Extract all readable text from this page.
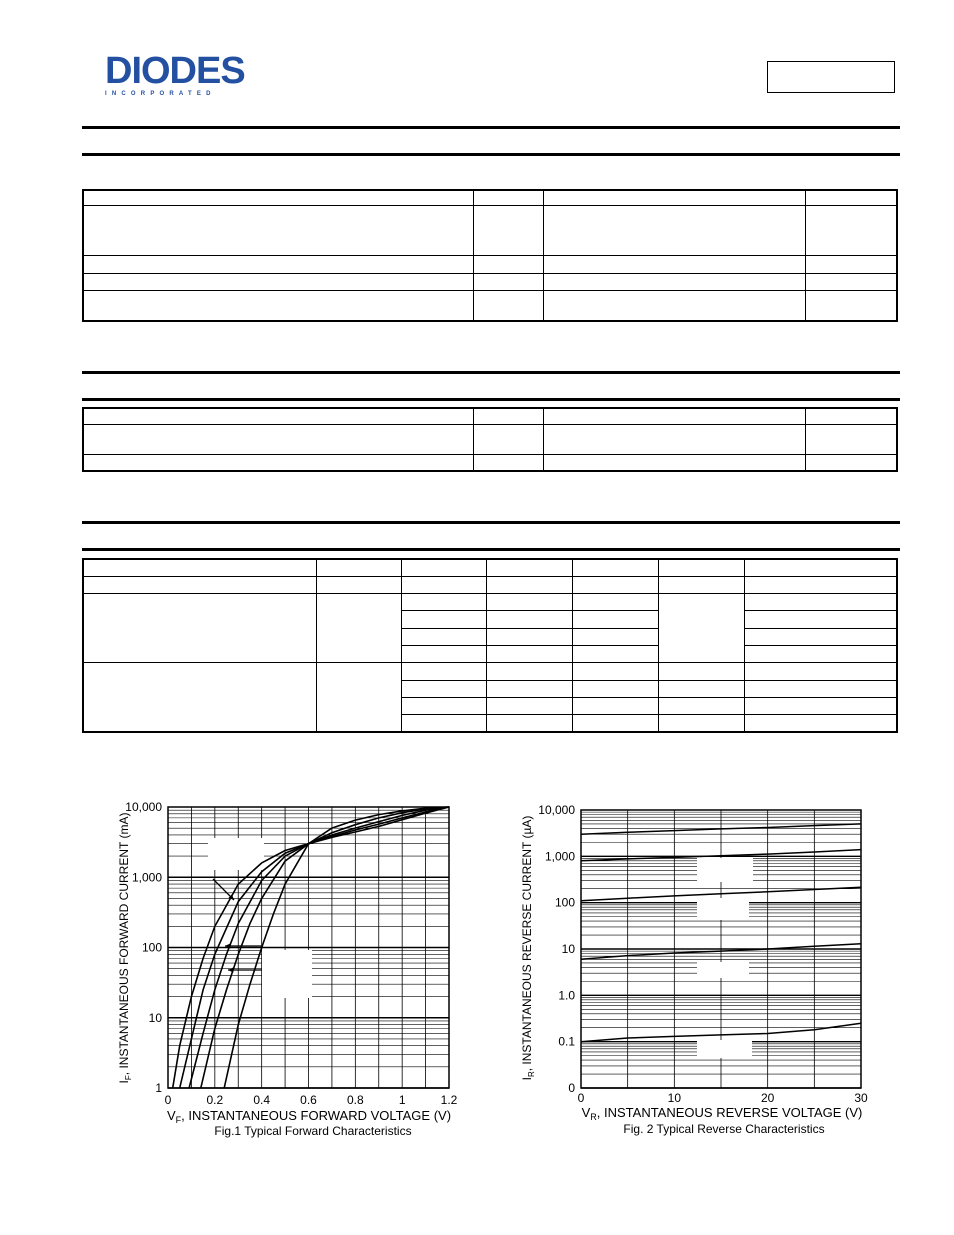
DIODES
INCORPORATED

0	0.2	0.4	0.6	0.8	1	1.2
10,000
1,000
100
10
1
$V_F$, INSTANTANEOUS FORWARD VOLTAGE (V)
Fig.1 Typical Forward Characteristics
$I_F$, INSTANTANEOUS FORWARD CURRENT (mA)
0	10	20	30
10,000
1,000
100
10
1.0
0.1
0
$V_R$, INSTANTANEOUS REVERSE VOLTAGE (V)
Fig. 2 Typical Reverse Characteristics
$I_R$, INSTANTANEOUS REVERSE CURRENT (µA)
